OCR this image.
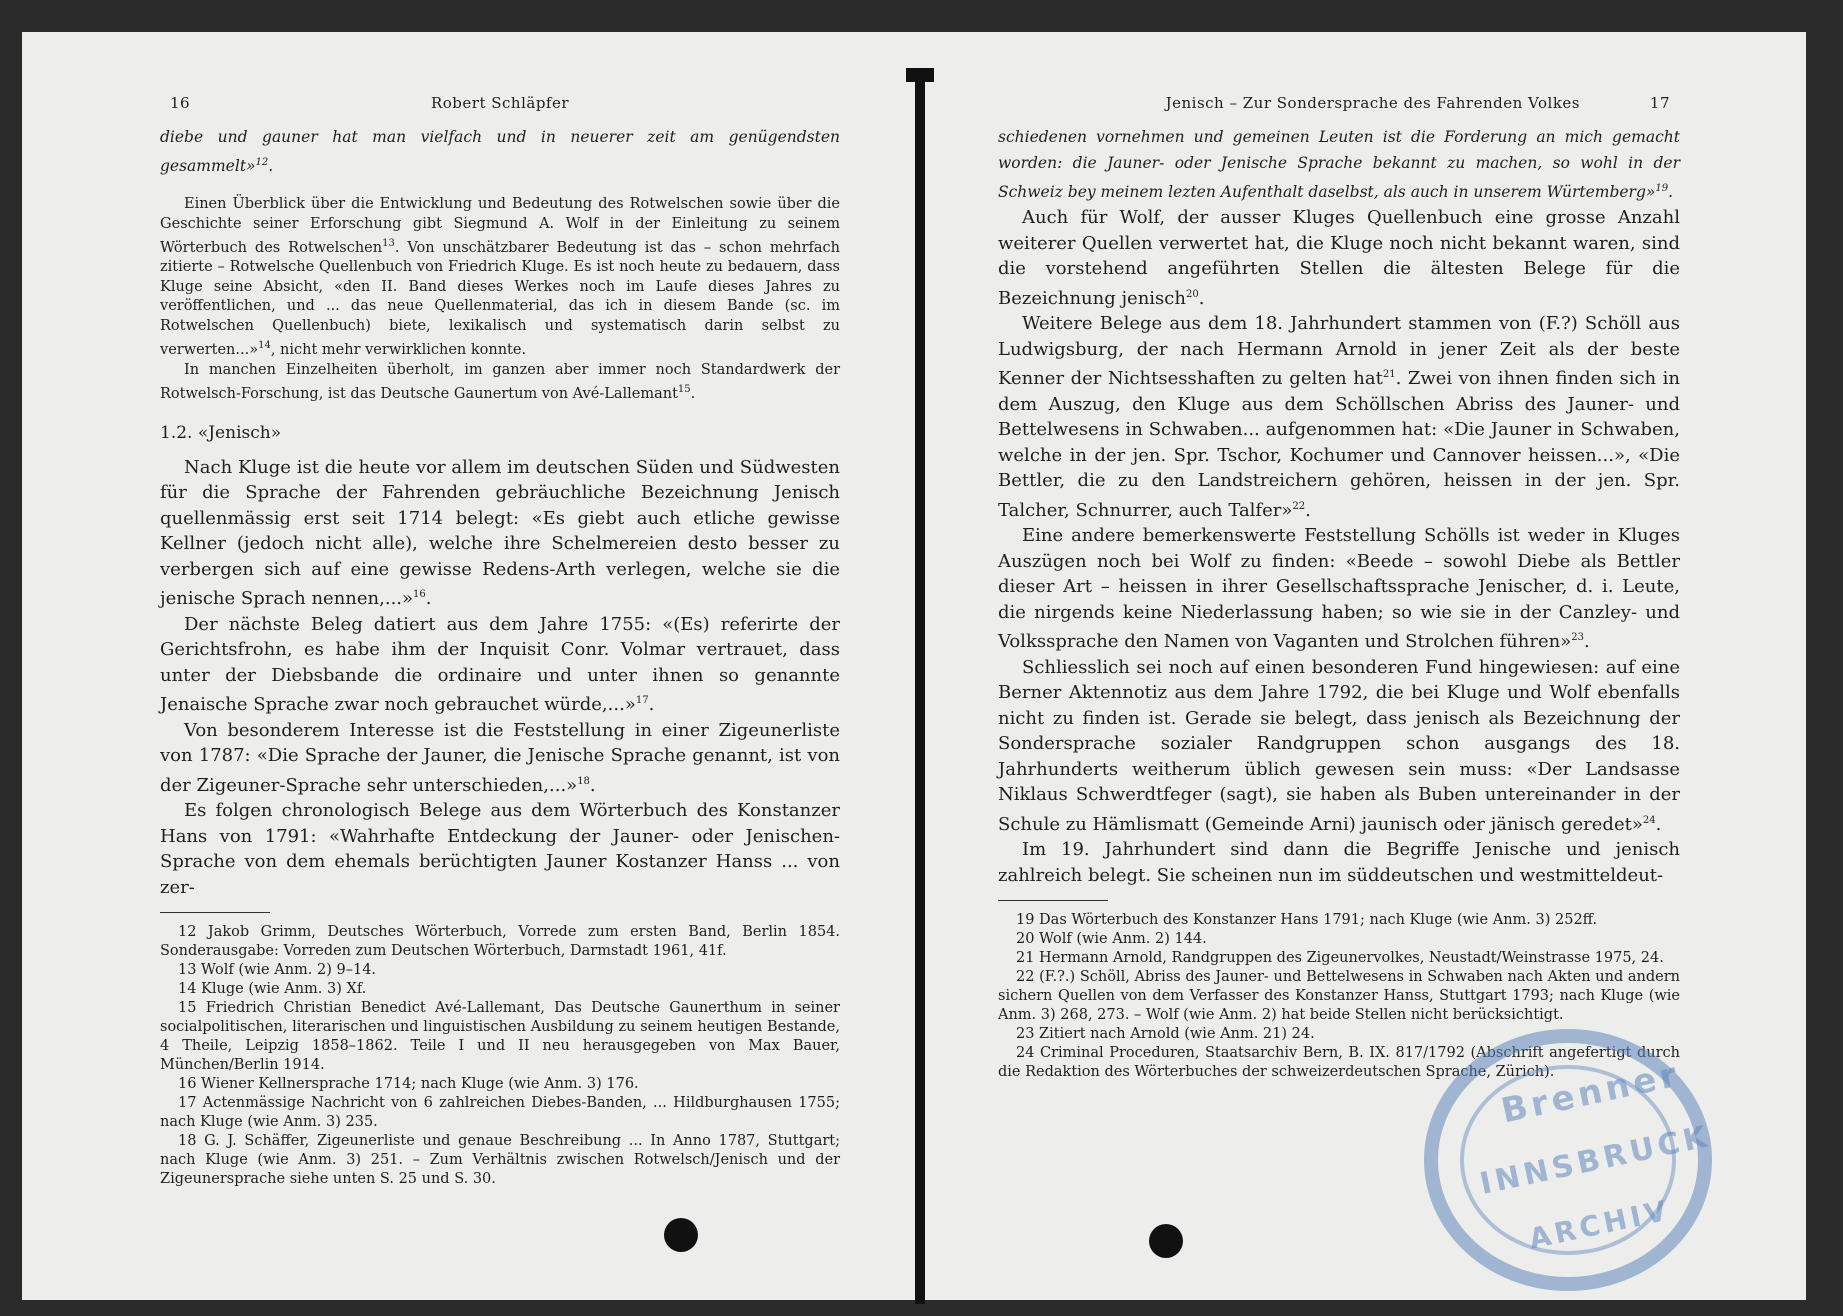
16	Robert Schläpfer

diebe und gauner hat man vielfach und in neuerer zeit am genügendsten gesammelt»$^{12}$.

Einen Überblick über die Entwicklung und Bedeutung des Rotwelschen sowie über die Geschichte seiner Erforschung gibt Siegmund A. Wolf in der Einleitung zu seinem Wörterbuch des Rotwelschen$^{13}$. Von unschätzbarer Bedeutung ist das – schon mehrfach zitierte – Rotwelsche Quellenbuch von Friedrich Kluge. Es ist noch heute zu bedauern, dass Kluge seine Absicht, «den II. Band dieses Werkes noch im Laufe dieses Jahres zu veröffentlichen, und ... das neue Quellenmaterial, das ich in diesem Bande (sc. im Rotwelschen Quellenbuch) biete, lexikalisch und systematisch darin selbst zu verwerten...»$^{14}$, nicht mehr verwirklichen konnte.

In manchen Einzelheiten überholt, im ganzen aber immer noch Standardwerk der Rotwelsch-Forschung, ist das Deutsche Gaunertum von Avé-Lallemant$^{15}$.

1.2. «Jenisch»

Nach Kluge ist die heute vor allem im deutschen Süden und Südwesten für die Sprache der Fahrenden gebräuchliche Bezeichnung Jenisch quellenmässig erst seit 1714 belegt: «Es giebt auch etliche gewisse Kellner (jedoch nicht alle), welche ihre Schelmereien desto besser zu verbergen sich auf eine gewisse Redens-Arth verlegen, welche sie die jenische Sprach nennen,...»$^{16}$.

Der nächste Beleg datiert aus dem Jahre 1755: «(Es) referirte der Gerichtsfrohn, es habe ihm der Inquisit Conr. Volmar vertrauet, dass unter der Diebsbande die ordinaire und unter ihnen so genannte Jenaische Sprache zwar noch gebrauchet würde,...»$^{17}$.

Von besonderem Interesse ist die Feststellung in einer Zigeunerliste von 1787: «Die Sprache der Jauner, die Jenische Sprache genannt, ist von der Zigeuner-Sprache sehr unterschieden,...»$^{18}$.

Es folgen chronologisch Belege aus dem Wörterbuch des Konstanzer Hans von 1791: «Wahrhafte Entdeckung der Jauner- oder Jenischen-Sprache von dem ehemals berüchtigten Jauner Kostanzer Hanss ... von zer-

12 Jakob Grimm, Deutsches Wörterbuch, Vorrede zum ersten Band, Berlin 1854. Sonderausgabe: Vorreden zum Deutschen Wörterbuch, Darmstadt 1961, 41f.

13 Wolf (wie Anm. 2) 9–14.

14 Kluge (wie Anm. 3) Xf.

15 Friedrich Christian Benedict Avé-Lallemant, Das Deutsche Gaunerthum in seiner socialpolitischen, literarischen und linguistischen Ausbildung zu seinem heutigen Bestande, 4 Theile, Leipzig 1858–1862. Teile I und II neu herausgegeben von Max Bauer, München/Berlin 1914.

16 Wiener Kellnersprache 1714; nach Kluge (wie Anm. 3) 176.

17 Actenmässige Nachricht von 6 zahlreichen Diebes-Banden, ... Hildburghausen 1755; nach Kluge (wie Anm. 3) 235.

18 G. J. Schäffer, Zigeunerliste und genaue Beschreibung ... In Anno 1787, Stuttgart; nach Kluge (wie Anm. 3) 251. – Zum Verhältnis zwischen Rotwelsch/Jenisch und der Zigeunersprache siehe unten S. 25 und S. 30.

Jenisch – Zur Sondersprache des Fahrenden Volkes	17

schiedenen vornehmen und gemeinen Leuten ist die Forderung an mich gemacht worden: die Jauner- oder Jenische Sprache bekannt zu machen, so wohl in der Schweiz bey meinem lezten Aufenthalt daselbst, als auch in unserem Würtemberg»$^{19}$.

Auch für Wolf, der ausser Kluges Quellenbuch eine grosse Anzahl weiterer Quellen verwertet hat, die Kluge noch nicht bekannt waren, sind die vorstehend angeführten Stellen die ältesten Belege für die Bezeichnung jenisch$^{20}$.

Weitere Belege aus dem 18. Jahrhundert stammen von (F.?) Schöll aus Ludwigsburg, der nach Hermann Arnold in jener Zeit als der beste Kenner der Nichtsesshaften zu gelten hat$^{21}$. Zwei von ihnen finden sich in dem Auszug, den Kluge aus dem Schöllschen Abriss des Jauner- und Bettelwesens in Schwaben... aufgenommen hat: «Die Jauner in Schwaben, welche in der jen. Spr. Tschor, Kochumer und Cannover heissen...», «Die Bettler, die zu den Landstreichern gehören, heissen in der jen. Spr. Talcher, Schnurrer, auch Talfer»$^{22}$.

Eine andere bemerkenswerte Feststellung Schölls ist weder in Kluges Auszügen noch bei Wolf zu finden: «Beede – sowohl Diebe als Bettler dieser Art – heissen in ihrer Gesellschaftssprache Jenischer, d. i. Leute, die nirgends keine Niederlassung haben; so wie sie in der Canzley- und Volkssprache den Namen von Vaganten und Strolchen führen»$^{23}$.

Schliesslich sei noch auf einen besonderen Fund hingewiesen: auf eine Berner Aktennotiz aus dem Jahre 1792, die bei Kluge und Wolf ebenfalls nicht zu finden ist. Gerade sie belegt, dass jenisch als Bezeichnung der Sondersprache sozialer Randgruppen schon ausgangs des 18. Jahrhunderts weitherum üblich gewesen sein muss: «Der Landsasse Niklaus Schwerdtfeger (sagt), sie haben als Buben untereinander in der Schule zu Hämlismatt (Gemeinde Arni) jaunisch oder jänisch geredet»$^{24}$.

Im 19. Jahrhundert sind dann die Begriffe Jenische und jenisch zahlreich belegt. Sie scheinen nun im süddeutschen und westmitteldeut-

19 Das Wörterbuch des Konstanzer Hans 1791; nach Kluge (wie Anm. 3) 252ff.

20 Wolf (wie Anm. 2) 144.

21 Hermann Arnold, Randgruppen des Zigeunervolkes, Neustadt/Weinstrasse 1975, 24.

22 (F.?.) Schöll, Abriss des Jauner- und Bettelwesens in Schwaben nach Akten und andern sichern Quellen von dem Verfasser des Konstanzer Hanss, Stuttgart 1793; nach Kluge (wie Anm. 3) 268, 273. – Wolf (wie Anm. 2) hat beide Stellen nicht berücksichtigt.

23 Zitiert nach Arnold (wie Anm. 21) 24.

24 Criminal Proceduren, Staatsarchiv Bern, B. IX. 817/1792 (Abschrift angefertigt durch die Redaktion des Wörterbuches der schweizerdeutschen Sprache, Zürich).

Brenner
INNSBRUCK
ARCHIV
